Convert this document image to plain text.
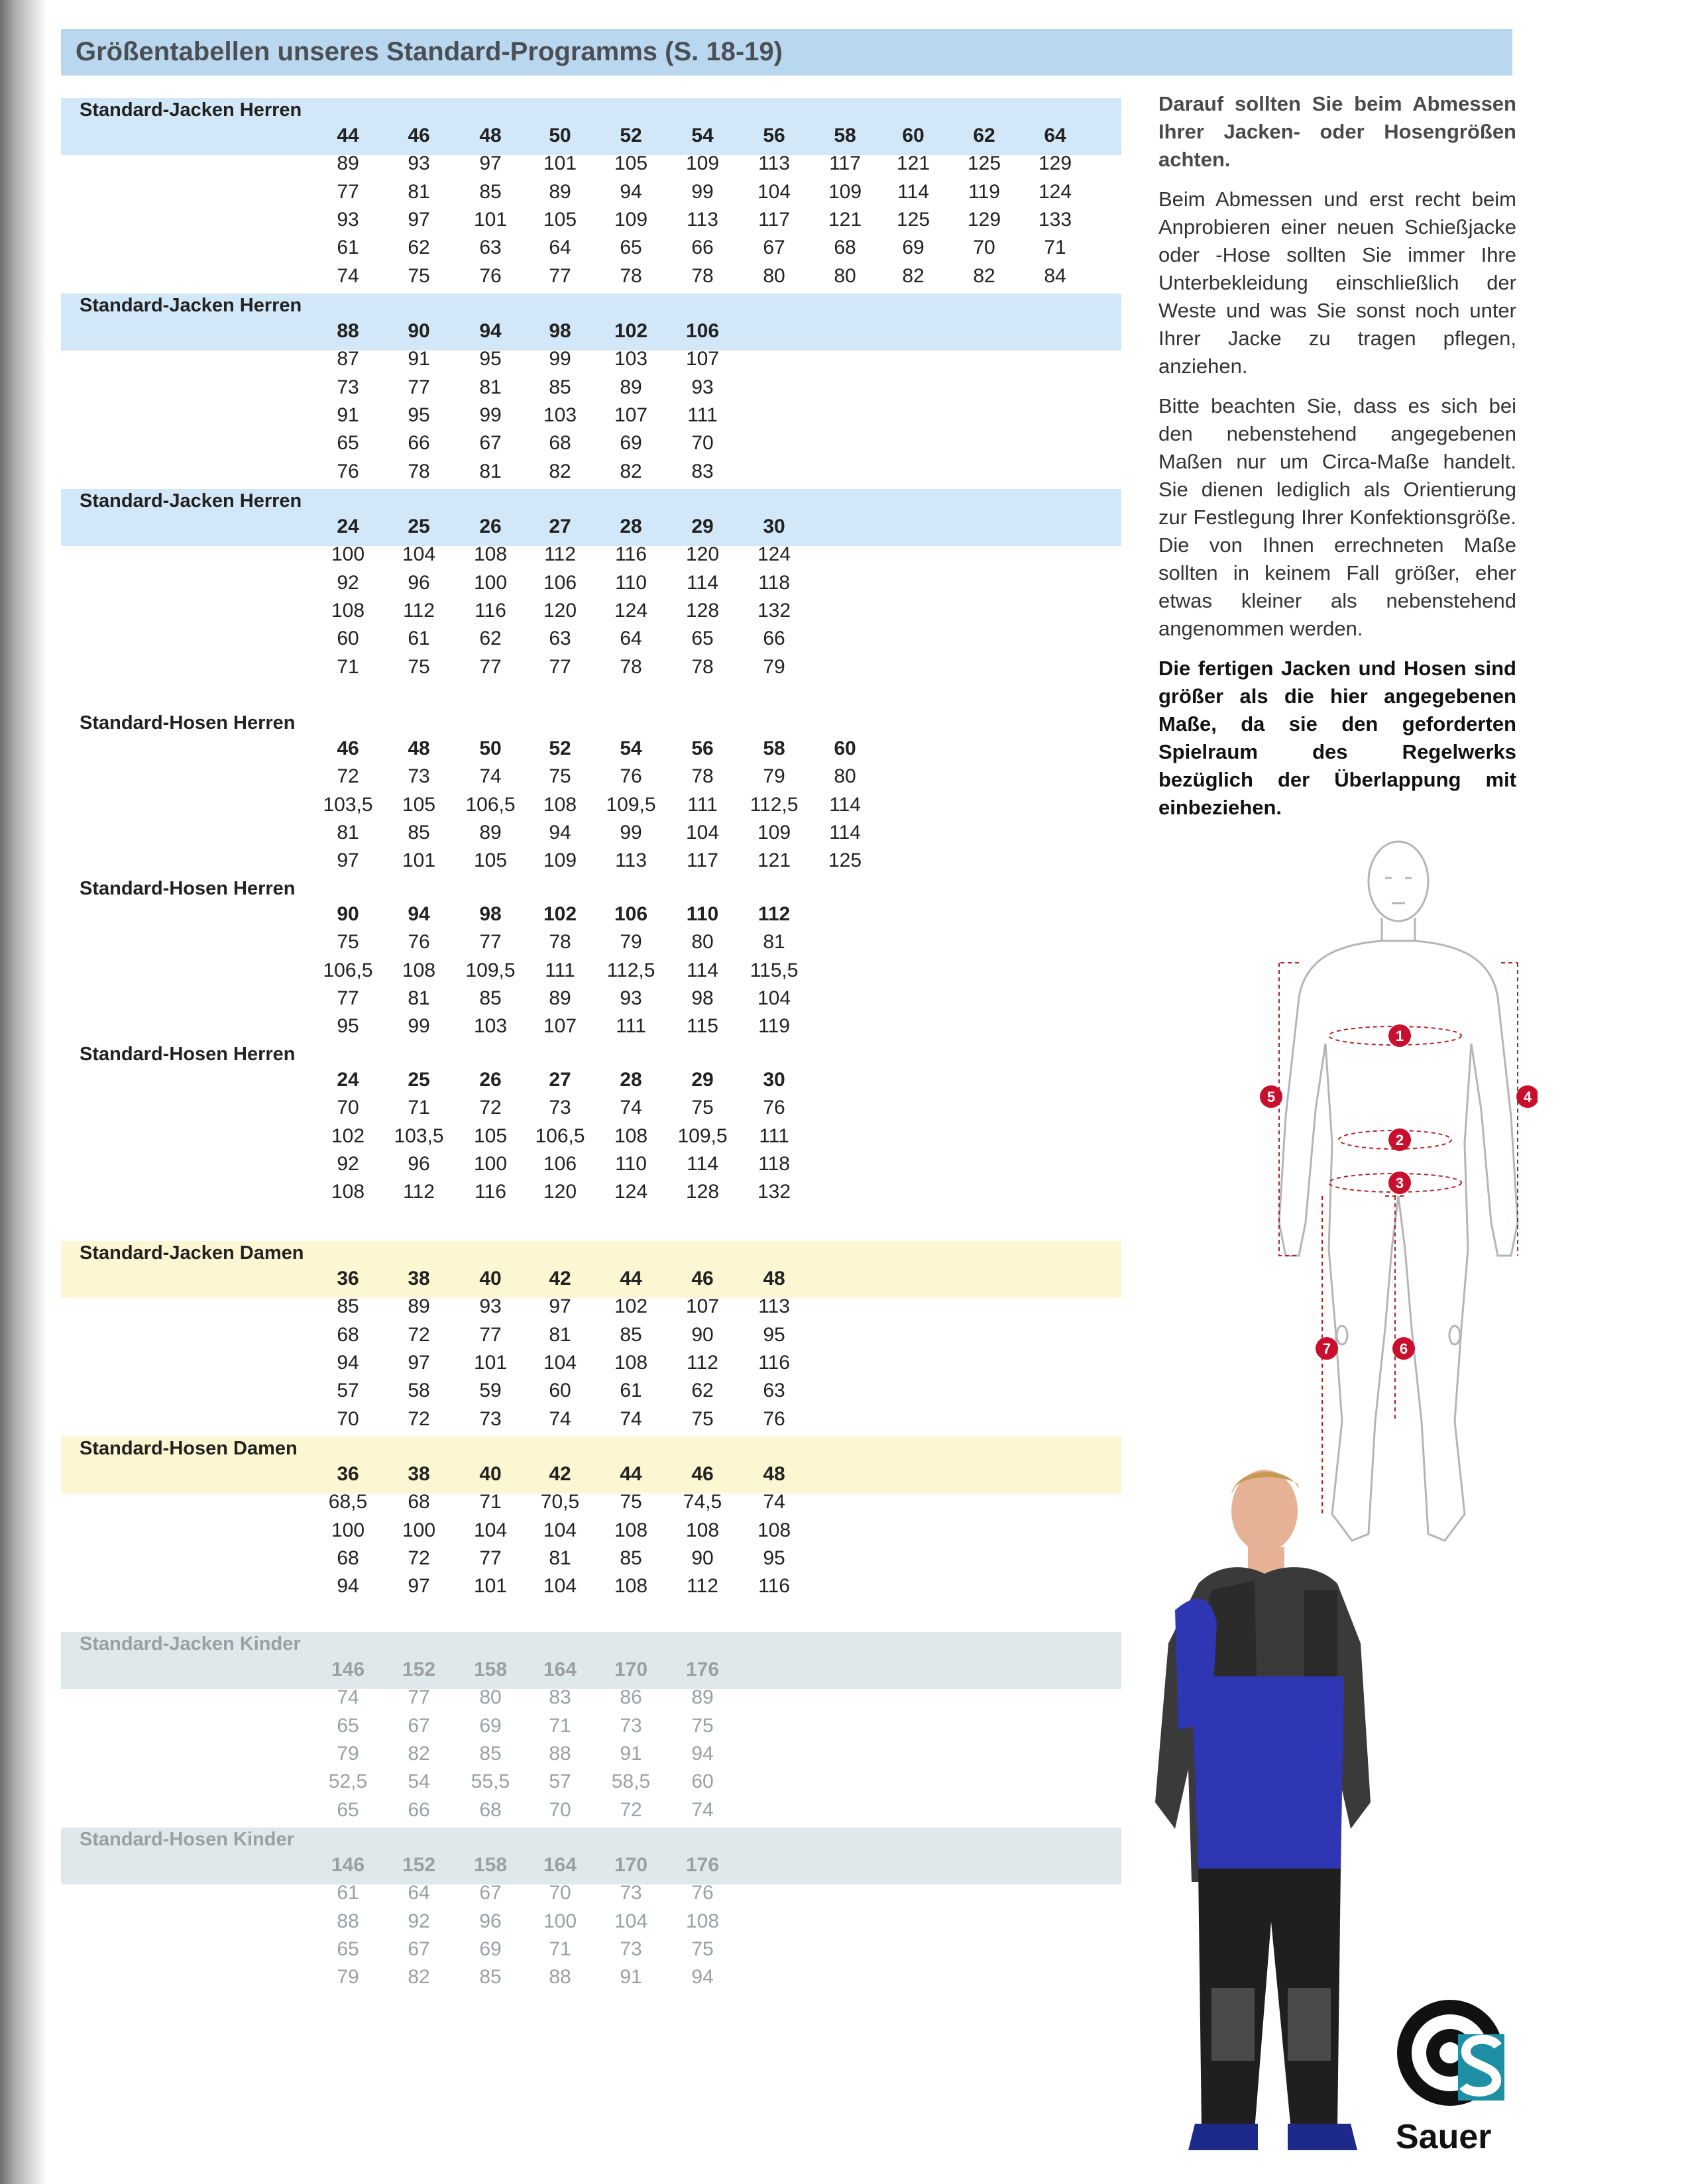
Größentabellen unseres Standard-Programms (S. 18-19)
Standard-Jacken Herren
44	46	48	50	52	54	56	58	60	62	64
89	93	97	101	105	109	113	117	121	125	129
77	81	85	89	94	99	104	109	114	119	124
93	97	101	105	109	113	117	121	125	129	133
61	62	63	64	65	66	67	68	69	70	71
74	75	76	77	78	78	80	80	82	82	84
Standard-Jacken Herren
88	90	94	98	102	106
87	91	95	99	103	107
73	77	81	85	89	93
91	95	99	103	107	111
65	66	67	68	69	70
76	78	81	82	82	83
Standard-Jacken Herren
24	25	26	27	28	29	30
100	104	108	112	116	120	124
92	96	100	106	110	114	118
108	112	116	120	124	128	132
60	61	62	63	64	65	66
71	75	77	77	78	78	79
Standard-Hosen Herren
46	48	50	52	54	56	58	60
72	73	74	75	76	78	79	80
103,5	105	106,5	108	109,5	111	112,5	114
81	85	89	94	99	104	109	114
97	101	105	109	113	117	121	125
Standard-Hosen Herren
90	94	98	102	106	110	112
75	76	77	78	79	80	81
106,5	108	109,5	111	112,5	114	115,5
77	81	85	89	93	98	104
95	99	103	107	111	115	119
Standard-Hosen Herren
24	25	26	27	28	29	30
70	71	72	73	74	75	76
102	103,5	105	106,5	108	109,5	111
92	96	100	106	110	114	118
108	112	116	120	124	128	132
Standard-Jacken Damen
36	38	40	42	44	46	48
85	89	93	97	102	107	113
68	72	77	81	85	90	95
94	97	101	104	108	112	116
57	58	59	60	61	62	63
70	72	73	74	74	75	76
Standard-Hosen Damen
36	38	40	42	44	46	48
68,5	68	71	70,5	75	74,5	74
100	100	104	104	108	108	108
68	72	77	81	85	90	95
94	97	101	104	108	112	116
Standard-Jacken Kinder
146	152	158	164	170	176
74	77	80	83	86	89
65	67	69	71	73	75
79	82	85	88	91	94
52,5	54	55,5	57	58,5	60
65	66	68	70	72	74
Standard-Hosen Kinder
146	152	158	164	170	176
61	64	67	70	73	76
88	92	96	100	104	108
65	67	69	71	73	75
79	82	85	88	91	94

Darauf sollten Sie beim Abmessen Ihrer Jacken- oder Hosengrößen achten.

Beim Abmessen und erst recht beim Anprobieren einer neuen Schießjacke oder -Hose sollten Sie immer Ihre Unterbekleidung einschließlich der Weste und was Sie sonst noch unter Ihrer Jacke zu tragen pflegen, anziehen.

Bitte beachten Sie, dass es sich bei den nebenstehend angegebenen Maßen nur um Circa-Maße handelt. Sie dienen lediglich als Orientierung zur Festlegung Ihrer Konfektionsgröße. Die von Ihnen errechneten Maße sollten in keinem Fall größer, eher etwas kleiner als nebenstehend angenommen werden.

Die fertigen Jacken und Hosen sind größer als die hier angegebenen Maße, da sie den geforderten Spielraum des Regelwerks bezüglich der Überlappung mit einbeziehen.

1
2
3
4
5
6
7
Sauer
